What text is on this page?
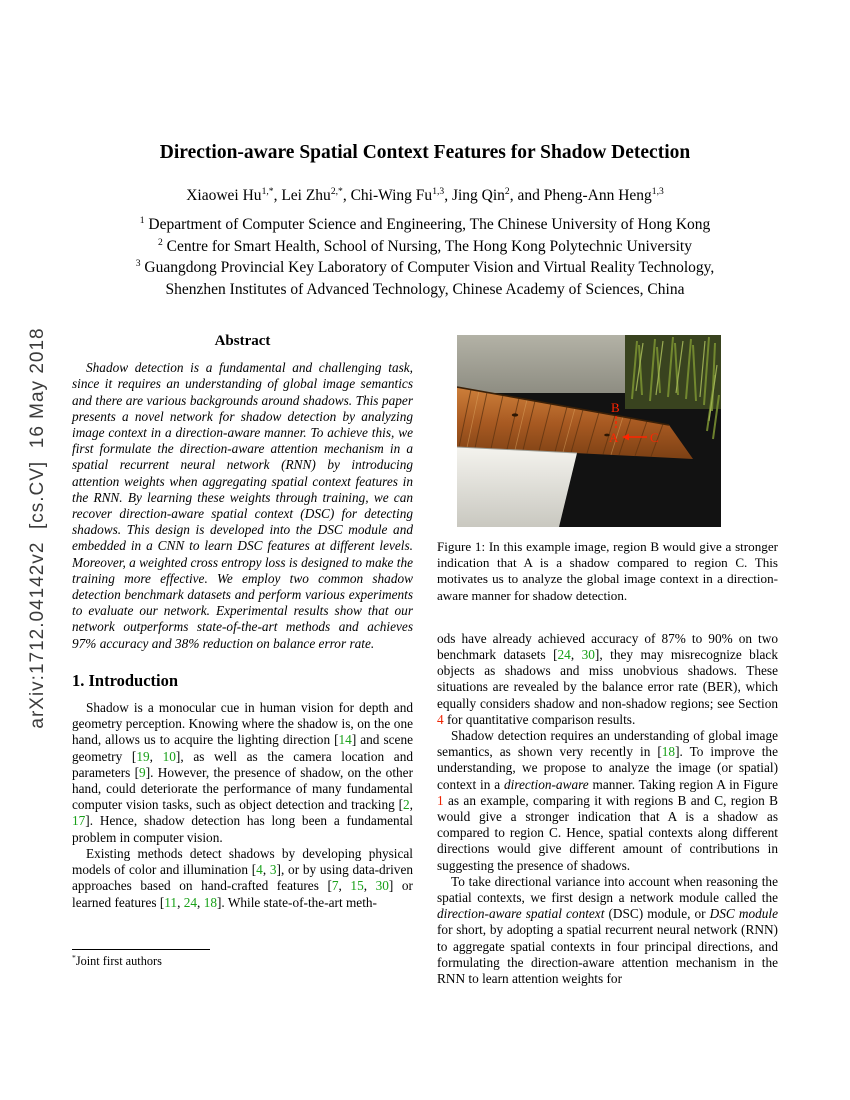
arXiv:1712.04142v2  [cs.CV]  16 May 2018
Direction-aware Spatial Context Features for Shadow Detection
Xiaowei $Hu^{1,*}$, Lei Zhu$^{2,*}$, Chi-Wing Fu$^{1,3}$, Jing Qin$^2$, and Pheng-Ann Heng$^{1,3}$
$^1$ Department of Computer Science and Engineering, The Chinese University of Hong Kong
$^2$ Centre for Smart Health, School of Nursing, The Hong Kong Polytechnic University
$^3$ Guangdong Provincial Key Laboratory of Computer Vision and Virtual Reality Technology,
Shenzhen Institutes of Advanced Technology, Chinese Academy of Sciences, China
Abstract

Shadow detection is a fundamental and challenging task, since it requires an understanding of global image semantics and there are various backgrounds around shadows. This paper presents a novel network for shadow detection by analyzing image context in a direction-aware manner. To achieve this, we first formulate the direction-aware attention mechanism in a spatial recurrent neural network (RNN) by introducing attention weights when aggregating spatial context features in the RNN. By learning these weights through training, we can recover direction-aware spatial context (DSC) for detecting shadows. This design is developed into the DSC module and embedded in a CNN to learn DSC features at different levels. Moreover, a weighted cross entropy loss is designed to make the training more effective. We employ two common shadow detection benchmark datasets and perform various experiments to evaluate our network. Experimental results show that our network outperforms state-of-the-art methods and achieves 97% accuracy and 38% reduction on balance error rate.

1. Introduction

Shadow is a monocular cue in human vision for depth and geometry perception. Knowing where the shadow is, on the one hand, allows us to acquire the lighting direction [14] and scene geometry [19, 10], as well as the camera location and parameters [9]. However, the presence of shadow, on the other hand, could deteriorate the performance of many fundamental computer vision tasks, such as object detection and tracking [2, 17]. Hence, shadow detection has long been a fundamental problem in computer vision.

Existing methods detect shadows by developing physical models of color and illumination [4, 3], or by using data-driven approaches based on hand-crafted features [7, 15, 30] or learned features [11, 24, 18]. While state-of-the-art meth-

B
A C
Figure 1: In this example image, region B would give a stronger indication that A is a shadow compared to region C. This motivates us to analyze the global image context in a direction-aware manner for shadow detection.

ods have already achieved accuracy of 87% to 90% on two benchmark datasets [24, 30], they may misrecognize black objects as shadows and miss unobvious shadows. These situations are revealed by the balance error rate (BER), which equally considers shadow and non-shadow regions; see Section 4 for quantitative comparison results.

Shadow detection requires an understanding of global image semantics, as shown very recently in [18]. To improve the understanding, we propose to analyze the image (or spatial) context in a direction-aware manner. Taking region A in Figure 1 as an example, comparing it with regions B and C, region B would give a stronger indication that A is a shadow as compared to region C. Hence, spatial contexts along different directions would give different amount of contributions in suggesting the presence of shadows.

To take directional variance into account when reasoning the spatial contexts, we first design a network module called the direction-aware spatial context (DSC) module, or DSC module for short, by adopting a spatial recurrent neural network (RNN) to aggregate spatial contexts in four principal directions, and formulating the direction-aware attention mechanism in the RNN to learn attention weights for

*Joint first authors
